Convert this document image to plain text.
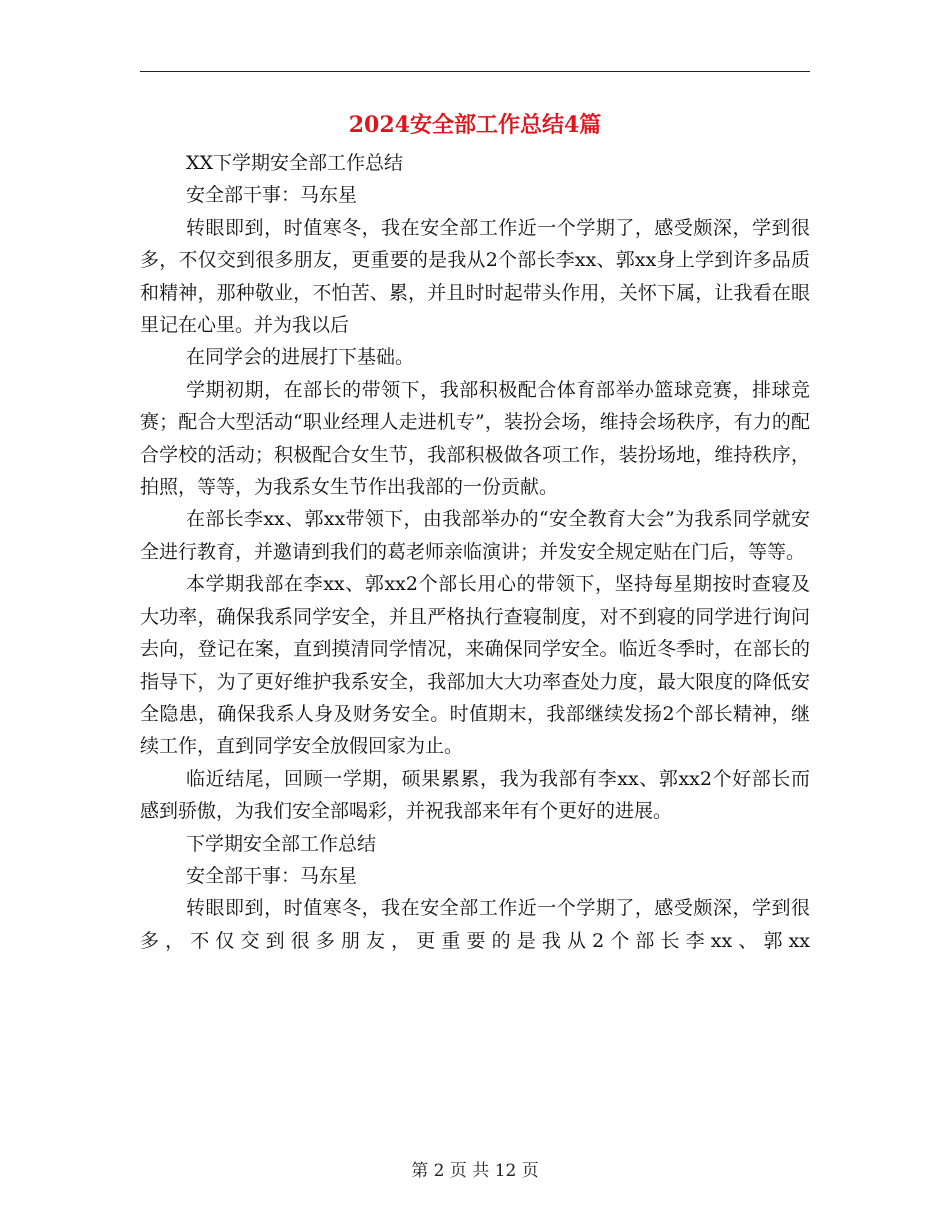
2024安全部工作总结4篇

XX下学期安全部工作总结

安全部干事：马东星

转眼即到，时值寒冬，我在安全部工作近一个学期了，感受颇深，学到很多，不仅交到很多朋友，更重要的是我从2个部长李xx、郭xx身上学到许多品质和精神，那种敬业，不怕苦、累，并且时时起带头作用，关怀下属，让我看在眼里记在心里。并为我以后

在同学会的进展打下基础。

学期初期，在部长的带领下，我部积极配合体育部举办篮球竞赛，排球竞赛；配合大型活动“职业经理人走进机专”，装扮会场，维持会场秩序，有力的配合学校的活动；积极配合女生节，我部积极做各项工作，装扮场地，维持秩序，拍照，等等，为我系女生节作出我部的一份贡献。

在部长李xx、郭xx带领下，由我部举办的“安全教育大会”为我系同学就安全进行教育，并邀请到我们的葛老师亲临演讲；并发安全规定贴在门后，等等。

本学期我部在李xx、郭xx2个部长用心的带领下，坚持每星期按时查寝及大功率，确保我系同学安全，并且严格执行查寝制度，对不到寝的同学进行询问去向，登记在案，直到摸清同学情况，来确保同学安全。临近冬季时，在部长的指导下，为了更好维护我系安全，我部加大大功率查处力度，最大限度的降低安全隐患，确保我系人身及财务安全。时值期末，我部继续发扬2个部长精神，继续工作，直到同学安全放假回家为止。

临近结尾，回顾一学期，硕果累累，我为我部有李xx、郭xx2个好部长而感到骄傲，为我们安全部喝彩，并祝我部来年有个更好的进展。

下学期安全部工作总结

安全部干事：马东星

转眼即到，时值寒冬，我在安全部工作近一个学期了，感受颇深，学到很多，不仅交到很多朋友，更重要的是我从2个部长李xx、郭xx

第 2 页 共 12 页
